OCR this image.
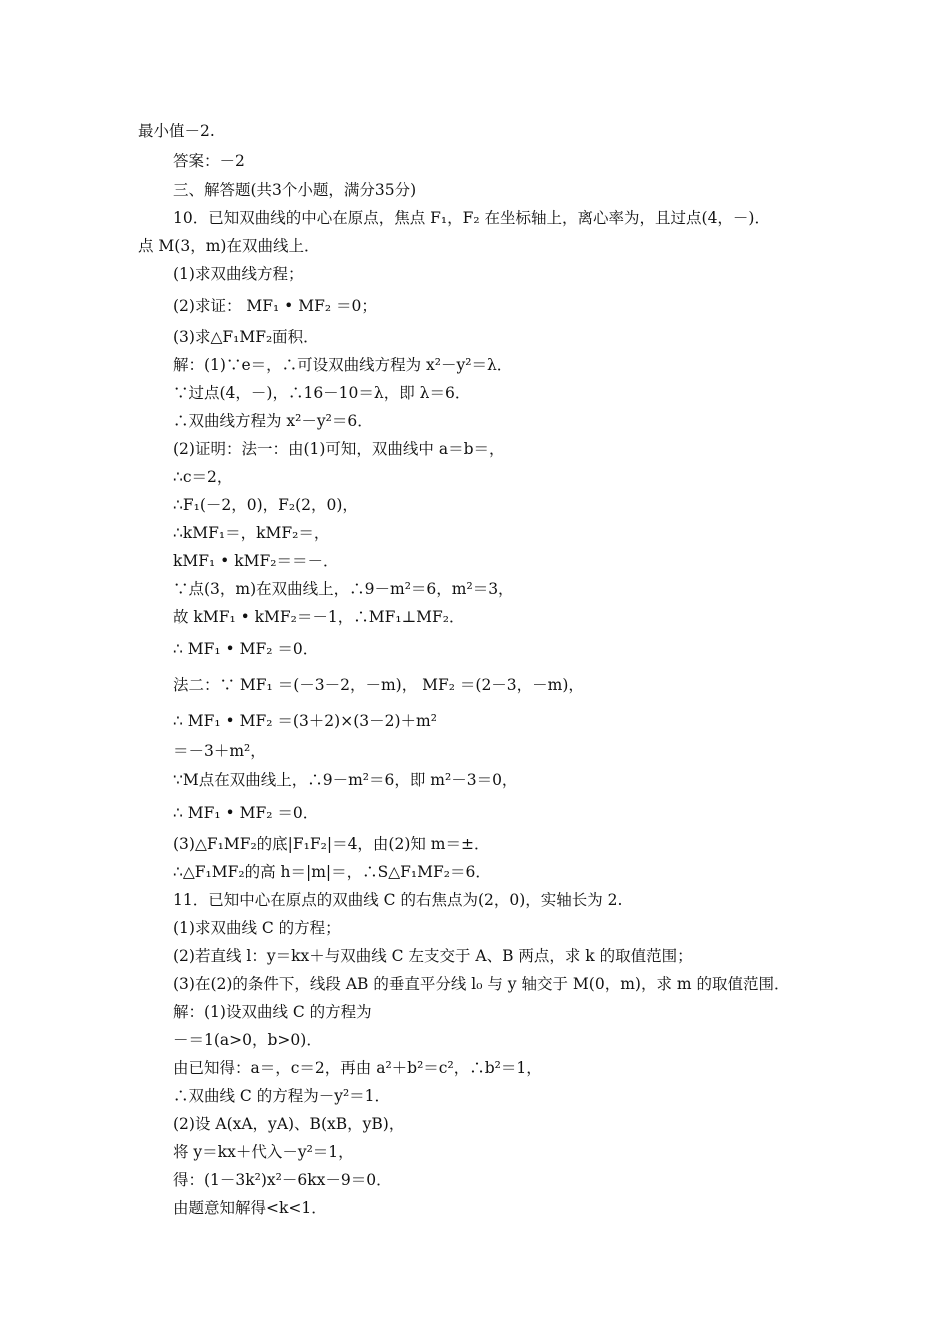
最小值－2.
答案：－2
三、解答题(共3个小题，满分35分)
10．已知双曲线的中心在原点，焦点 F₁，F₂ 在坐标轴上，离心率为，且过点(4，－)．
点 M(3，m)在双曲线上．
(1)求双曲线方程；
(2)求证： MF₁ • MF₂ ＝0；
(3)求△F₁MF₂面积．
解：(1)∵e＝，∴可设双曲线方程为 x²－y²＝λ．
∵过点(4，－)，∴16－10＝λ，即 λ＝6．
∴双曲线方程为 x²－y²＝6．
(2)证明：法一：由(1)可知，双曲线中 a＝b＝，
∴c＝2，
∴F₁(－2，0)，F₂(2，0)，
∴kMF₁＝，kMF₂＝，
kMF₁ • kMF₂＝＝－．
∵点(3，m)在双曲线上，∴9－m²＝6，m²＝3，
故 kMF₁ • kMF₂＝－1，∴MF₁⊥MF₂．
∴ MF₁ • MF₂ ＝0．
法二：∵ MF₁ ＝(－3－2，－m)， MF₂ ＝(2－3，－m)，
∴ MF₁ • MF₂ ＝(3＋2)×(3－2)＋m²
＝－3＋m²，
∵M点在双曲线上，∴9－m²＝6，即 m²－3＝0，
∴ MF₁ • MF₂ ＝0．
(3)△F₁MF₂的底|F₁F₂|＝4，由(2)知 m＝±．
∴△F₁MF₂的高 h＝|m|＝，∴S△F₁MF₂＝6．
11．已知中心在原点的双曲线 C 的右焦点为(2，0)，实轴长为 2.
(1)求双曲线 C 的方程；
(2)若直线 l：y＝kx＋与双曲线 C 左支交于 A、B 两点，求 k 的取值范围；
(3)在(2)的条件下，线段 AB 的垂直平分线 l₀ 与 y 轴交于 M(0，m)，求 m 的取值范围．
解：(1)设双曲线 C 的方程为
－＝1(a>0，b>0)．
由已知得：a＝，c＝2，再由 a²＋b²＝c²，∴b²＝1，
∴双曲线 C 的方程为－y²＝1．
(2)设 A(xA，yA)、B(xB，yB)，
将 y＝kx＋代入－y²＝1，
得：(1－3k²)x²－6kx－9＝0．
由题意知解得<k<1．
